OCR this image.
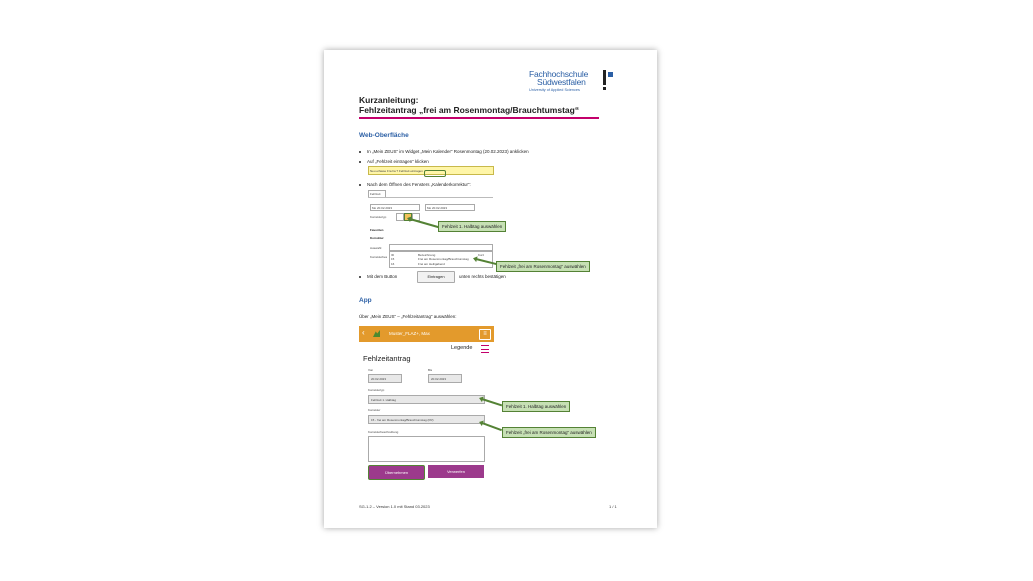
Fachhochschule
Südwestfalen
University of Applied Sciences
Kurzanleitung:
Fehlzeitantrag „frei am Rosenmontag/Brauchtumstag“
Web-Oberfläche
In „Mein ZEUS“ im Widget „Mein Kalender“ Rosenmontag (20.02.2023) anklicken
Auf „Fehlzeit eintragen“ klicken
Neu erfasse Fra ha ? Fehlzeit eintragen
Nach dem Öffnen des Fensters „Kalenderkorrektur“:
Fehlzeit
Mo 20.02.2023	Mo 20.02.2023
Korrekturtyp
Favoriten
Korrektur
Auswahl
Korrekturbes
ID	Bezeichnung	Kurz
15	Frei am Rosenmontag/Brauchtumstag
16	Frei am Heiligabend
Mit dem Button	Eintragen	unten rechts bestätigen
Fehlzeit 1. Halbtag auswählen
Fehlzeit „frei am Rosenmontag“ auswählen
App
Über „Mein ZEUS“ – „Fehlzeitantrag“ auswählen:
‹	Muster_FLAZ+, Max	≡
Legende
Fehlzeitantrag
Von
20.02.2023
Bis
20.02.2023
Korrekturtyp
Fehlzeit 1. Halbtag
Korrektur
15 - frei am Rosenmontag/Brauchtumstag (frR)
Korrekturbeschreibung
Übernehmen	Verwerfen
Fehlzeit 1. Halbtag auswählen
Fehlzeit „frei am Rosenmontag“ auswählen
SG-1.2 – Version 1.0 mit Stand 03.2023	1 / 1
